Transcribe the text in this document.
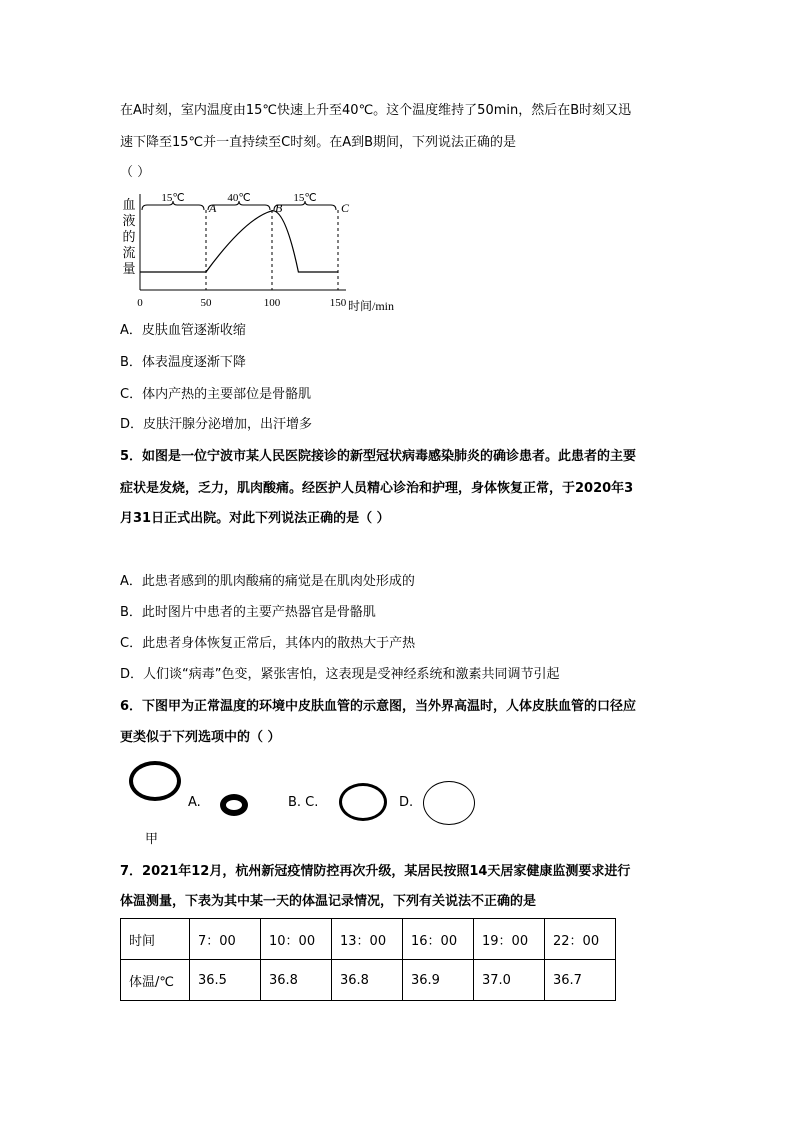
在A时刻，室内温度由15℃快速上升至40℃。这个温度维持了50min，然后在B时刻又迅
速下降至15℃并一直持续至C时刻。在A到B期间，下列说法正确的是
（ ）
血
液
的
流
量
0	50	100	150 时间/min
A	B	C
15℃	40℃	15℃
A．皮肤血管逐渐收缩
B．体表温度逐渐下降
C．体内产热的主要部位是骨骼肌
D．皮肤汗腺分泌增加，出汗增多
5．如图是一位宁波市某人民医院接诊的新型冠状病毒感染肺炎的确诊患者。此患者的主要
症状是发烧，乏力，肌肉酸痛。经医护人员精心诊治和护理，身体恢复正常，于2020年3
月31日正式出院。对此下列说法正确的是（ ）
A．此患者感到的肌肉酸痛的痛觉是在肌肉处形成的
B．此时图片中患者的主要产热器官是骨骼肌
C．此患者身体恢复正常后，其体内的散热大于产热
D．人们谈“病毒”色变，紧张害怕，这表现是受神经系统和激素共同调节引起
6．下图甲为正常温度的环境中皮肤血管的示意图，当外界高温时，人体皮肤血管的口径应
更类似于下列选项中的（ ）
A.	B. C.	D.
甲
7．2021年12月，杭州新冠疫情防控再次升级，某居民按照14天居家健康监测要求进行
体温测量，下表为其中某一天的体温记录情况，下列有关说法不正确的是
时间	7：00	10：00	13：00	16：00	19：00	22：00
体温/℃	36.5	36.8	36.8	36.9	37.0	36.7
